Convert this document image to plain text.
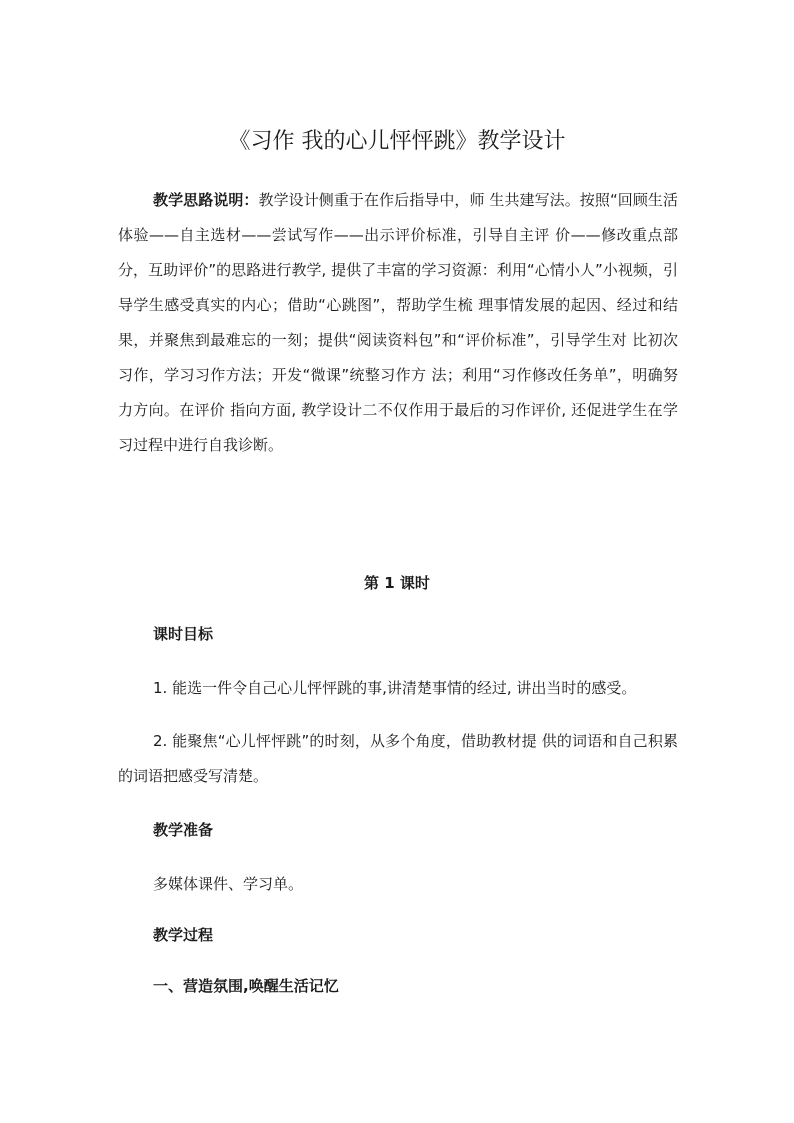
《习作 我的心儿怦怦跳》教学设计
教学思路说明：教学设计侧重于在作后指导中，师 生共建写法。按照“回顾生活体验——自主选材——尝试写作——出示评价标准，引导自主评 价——修改重点部分，互助评价”的思路进行教学, 提供了丰富的学习资源：利用“心情小人”小视频，引 导学生感受真实的内心；借助“心跳图”，帮助学生梳 理事情发展的起因、经过和结果，并聚焦到最难忘的一刻；提供“阅读资料包”和“评价标准”，引导学生对 比初次习作，学习习作方法；开发“微课”统整习作方 法；利用“习作修改任务单”，明确努力方向。在评价 指向方面, 教学设计二不仅作用于最后的习作评价, 还促进学生在学习过程中进行自我诊断。
第 1 课时
课时目标
1. 能选一件令自己心儿怦怦跳的事,讲清楚事情的经过, 讲出当时的感受。
2. 能聚焦“心儿怦怦跳”的时刻，从多个角度，借助教材提 供的词语和自己积累的词语把感受写清楚。
教学准备
多媒体课件、学习单。
教学过程
一、营造氛围,唤醒生活记忆
